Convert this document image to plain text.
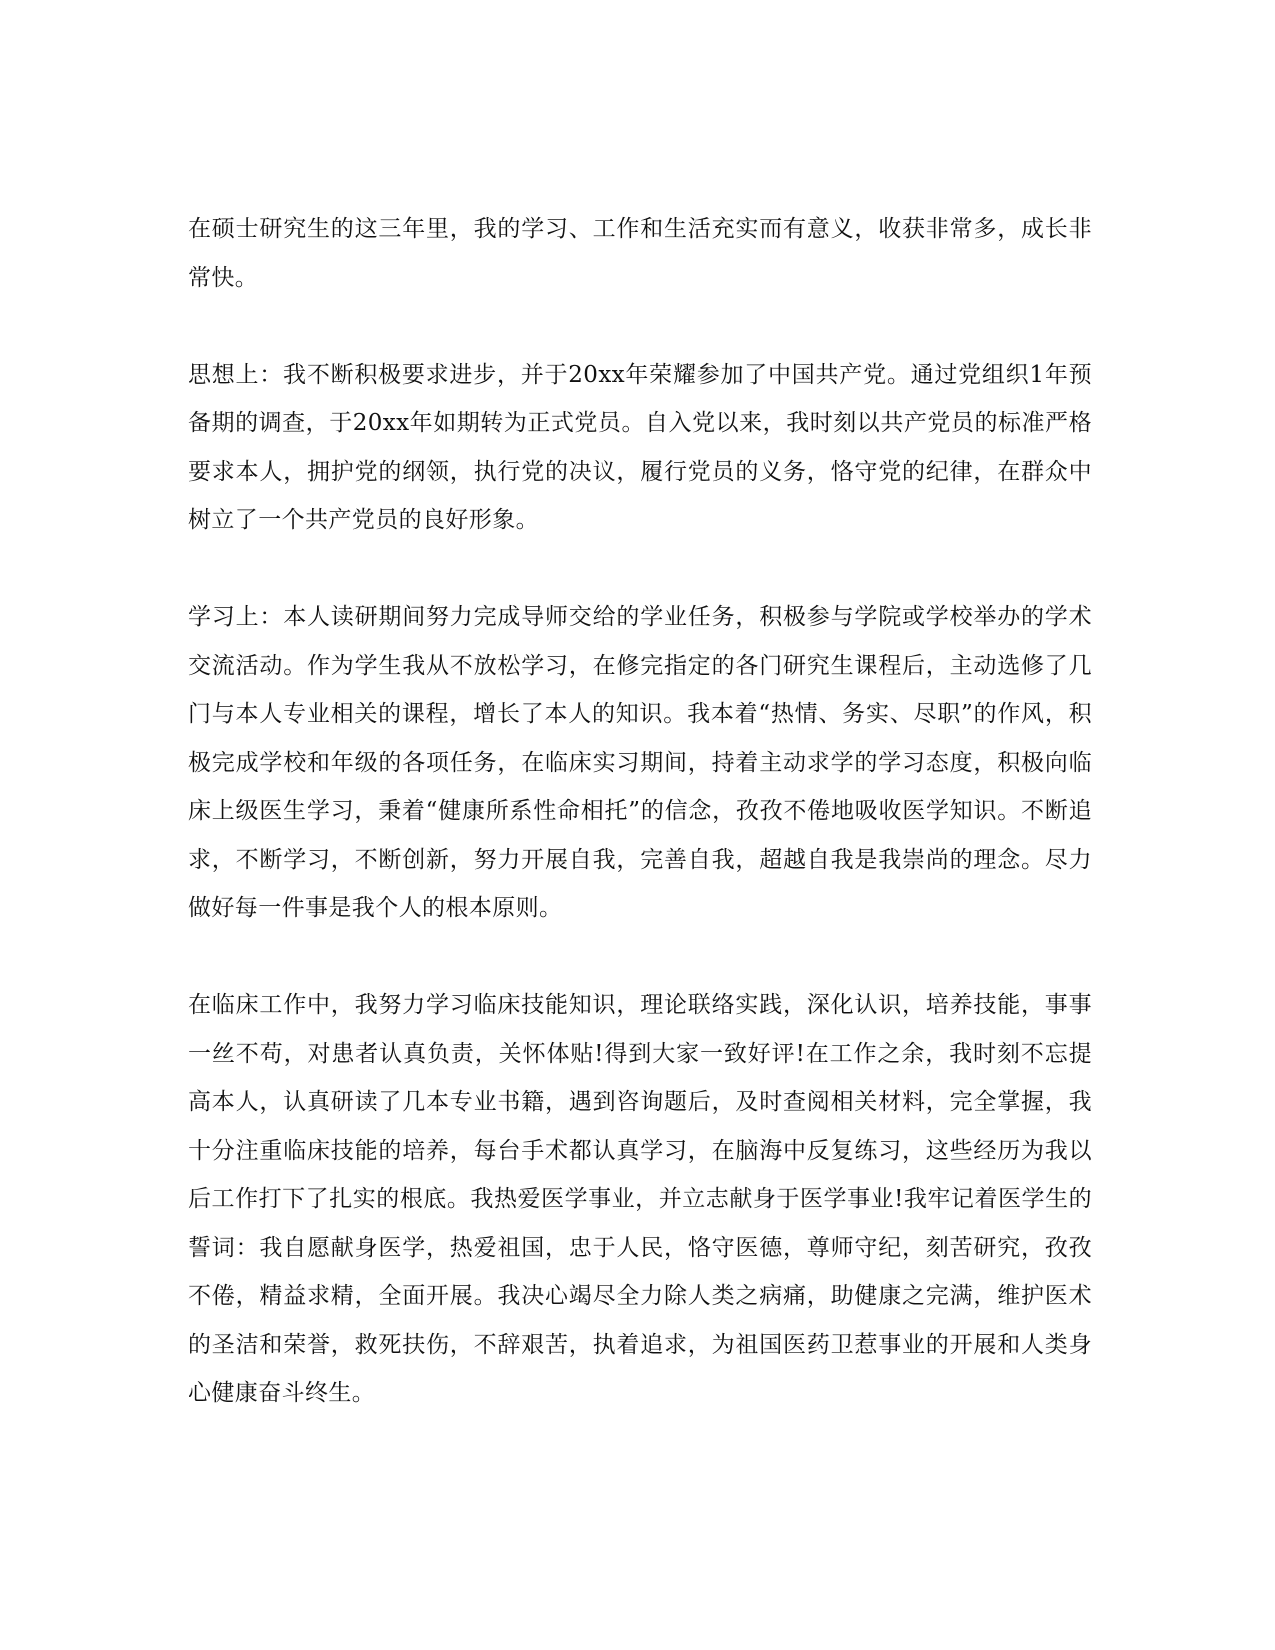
在硕士研究生的这三年里，我的学习、工作和生活充实而有意义，收获非常多，成长非常快。

思想上：我不断积极要求进步，并于20xx年荣耀参加了中国共产党。通过党组织1年预备期的调查，于20xx年如期转为正式党员。自入党以来，我时刻以共产党员的标准严格要求本人，拥护党的纲领，执行党的决议，履行党员的义务，恪守党的纪律，在群众中树立了一个共产党员的良好形象。

学习上：本人读研期间努力完成导师交给的学业任务，积极参与学院或学校举办的学术交流活动。作为学生我从不放松学习，在修完指定的各门研究生课程后，主动选修了几门与本人专业相关的课程，增长了本人的知识。我本着“热情、务实、尽职”的作风，积极完成学校和年级的各项任务，在临床实习期间，持着主动求学的学习态度，积极向临床上级医生学习，秉着“健康所系性命相托”的信念，孜孜不倦地吸收医学知识。不断追求，不断学习，不断创新，努力开展自我，完善自我，超越自我是我崇尚的理念。尽力做好每一件事是我个人的根本原则。

在临床工作中，我努力学习临床技能知识，理论联络实践，深化认识，培养技能，事事一丝不苟，对患者认真负责，关怀体贴!得到大家一致好评!在工作之余，我时刻不忘提高本人，认真研读了几本专业书籍，遇到咨询题后，及时查阅相关材料，完全掌握，我十分注重临床技能的培养，每台手术都认真学习，在脑海中反复练习，这些经历为我以后工作打下了扎实的根底。我热爱医学事业，并立志献身于医学事业!我牢记着医学生的誓词：我自愿献身医学，热爱祖国，忠于人民，恪守医德，尊师守纪，刻苦研究，孜孜不倦，精益求精，全面开展。我决心竭尽全力除人类之病痛，助健康之完满，维护医术的圣洁和荣誉，救死扶伤，不辞艰苦，执着追求，为祖国医药卫惹事业的开展和人类身心健康奋斗终生。
